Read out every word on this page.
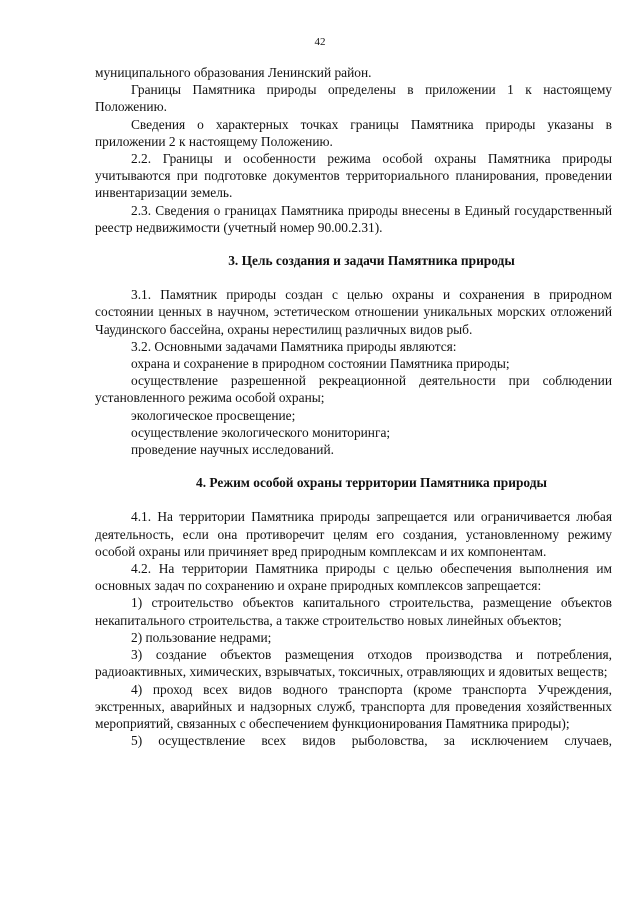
42
муниципального образования Ленинский район.
Границы Памятника природы определены в приложении 1 к настоящему Положению.
Сведения о характерных точках границы Памятника природы указаны в приложении 2 к настоящему Положению.
2.2. Границы и особенности режима особой охраны Памятника природы учитываются при подготовке документов территориального планирования, проведении инвентаризации земель.
2.3. Сведения о границах Памятника природы внесены в Единый государственный реестр недвижимости (учетный номер 90.00.2.31).
3. Цель создания и задачи Памятника природы
3.1. Памятник природы создан с целью охраны и сохранения в природном состоянии ценных в научном, эстетическом отношении уникальных морских отложений Чаудинского бассейна, охраны нерестилищ различных видов рыб.
3.2. Основными задачами Памятника природы являются:
охрана и сохранение в природном состоянии Памятника природы;
осуществление разрешенной рекреационной деятельности при соблюдении установленного режима особой охраны;
экологическое просвещение;
осуществление экологического мониторинга;
проведение научных исследований.
4. Режим особой охраны территории Памятника природы
4.1. На территории Памятника природы запрещается или ограничивается любая деятельность, если она противоречит целям его создания, установленному режиму особой охраны или причиняет вред природным комплексам и их компонентам.
4.2. На территории Памятника природы с целью обеспечения выполнения им основных задач по сохранению и охране природных комплексов запрещается:
1) строительство объектов капитального строительства, размещение объектов некапитального строительства, а также строительство новых линейных объектов;
2) пользование недрами;
3) создание объектов размещения отходов производства и потребления, радиоактивных, химических, взрывчатых, токсичных, отравляющих и ядовитых веществ;
4) проход всех видов водного транспорта (кроме транспорта Учреждения, экстренных, аварийных и надзорных служб, транспорта для проведения хозяйственных мероприятий, связанных с обеспечением функционирования Памятника природы);
5) осуществление всех видов рыболовства, за исключением случаев,
